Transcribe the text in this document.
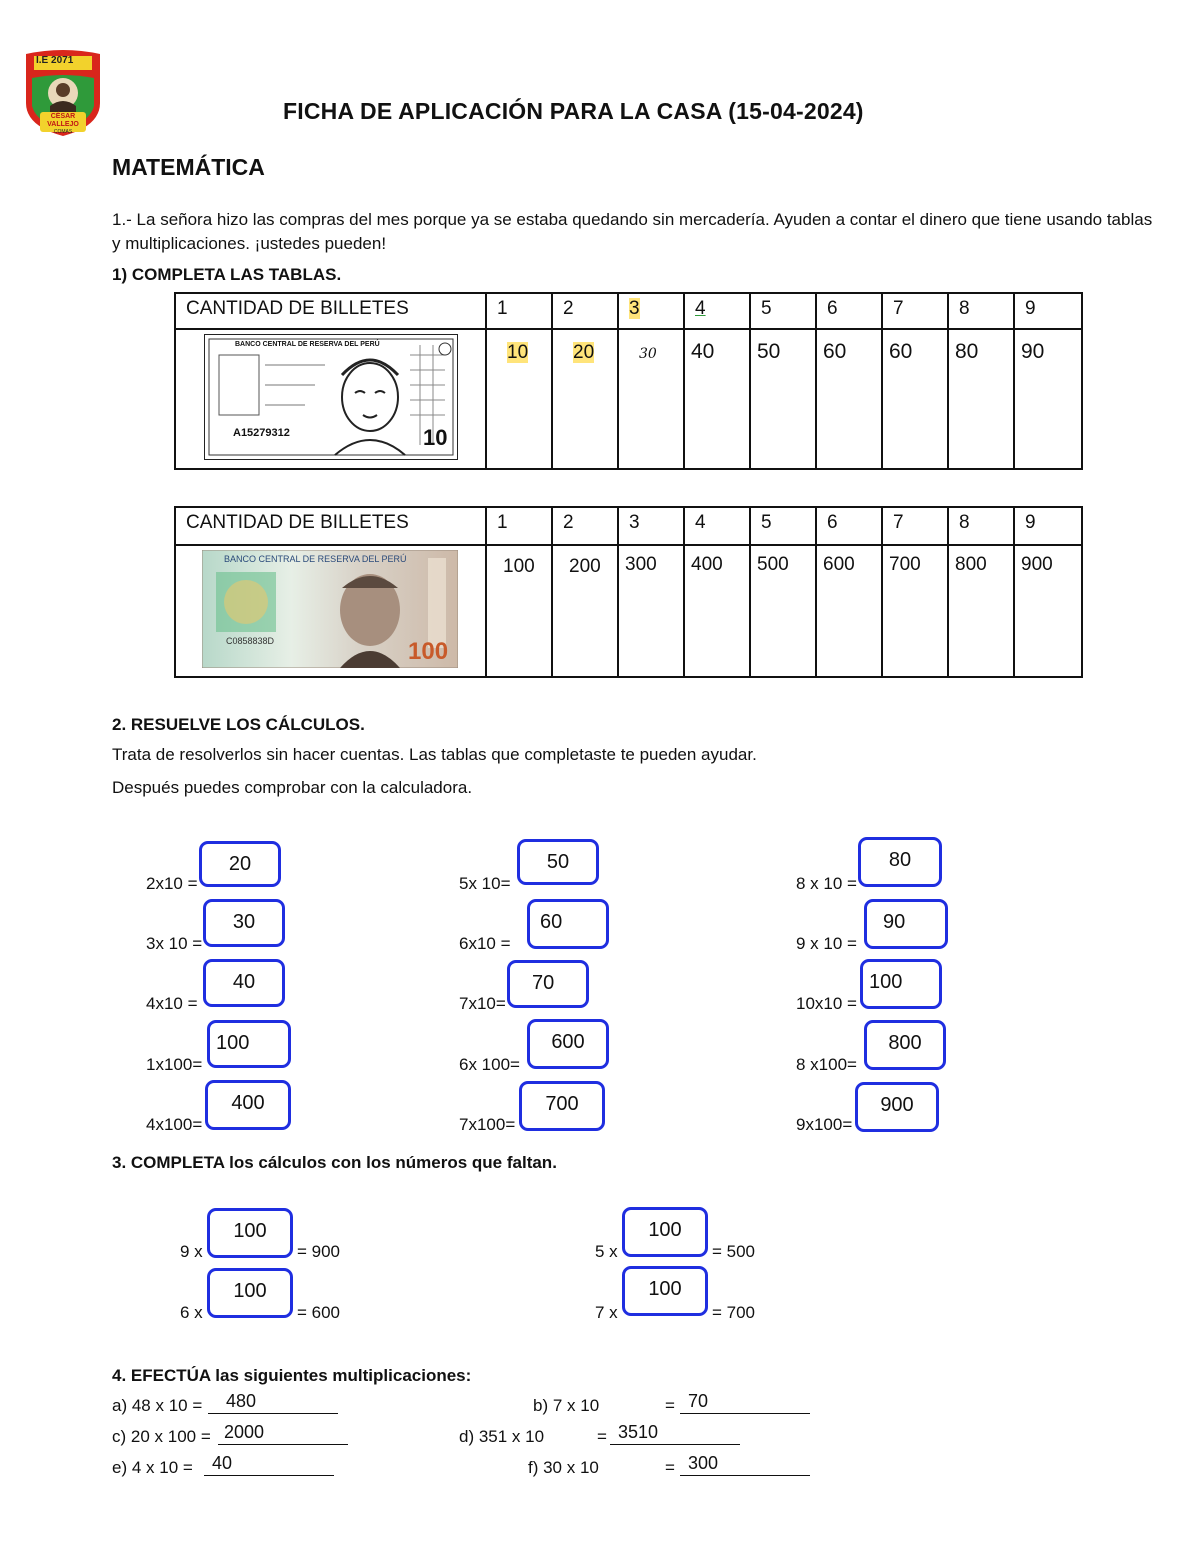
I.E 2071
CÉSAR VALLEJO
COMAS
FICHA DE APLICACIÓN PARA LA CASA (15-04-2024)
MATEMÁTICA
1.- La señora hizo las compras del mes porque ya se estaba quedando sin mercadería. Ayuden a contar el dinero que tiene usando tablas y multiplicaciones. ¡ustedes pueden!
1) COMPLETA LAS TABLAS.
CANTIDAD DE BILLETES	1	2	3	4	5	6	7	8	9

BANCO CENTRAL DE RESERVA DEL PERÚ
A15279312 10	10	20	30	40	50	60	60	80	90
CANTIDAD DE BILLETES	1	2	3	4	5	6	7	8	9

BANCO CENTRAL DE RESERVA DEL PERÚ
C0858838D 100	100	200	300	400	500	600	700	800	900
2. RESUELVE LOS CÁLCULOS.
Trata de resolverlos sin hacer cuentas. Las tablas que completaste te pueden ayudar.
Después puedes comprobar con la calculadora.
2x10 =
20
3x 10 =
30
4x10 =
40
1x100=
100
4x100=
400
5x 10=
50
6x10 =
60
7x10=
70
6x 100=
600
7x100=
700
8 x 10 =
80
9 x 10 =
90
10x10 =
100
8 x100=
800
9x100=
900
3. COMPLETA los cálculos con los números que faltan.
9 x
100
= 900
6 x
100
= 600
5 x
100
= 500
7 x
100
= 700
4. EFECTÚA las siguientes multiplicaciones:
a) 48 x 10 =	480	b) 7 x 10	= 70
c) 20 x 100 = 2000	d) 351 x 10	= 3510
e) 4 x 10 =	40	f) 30 x 10	= 300
